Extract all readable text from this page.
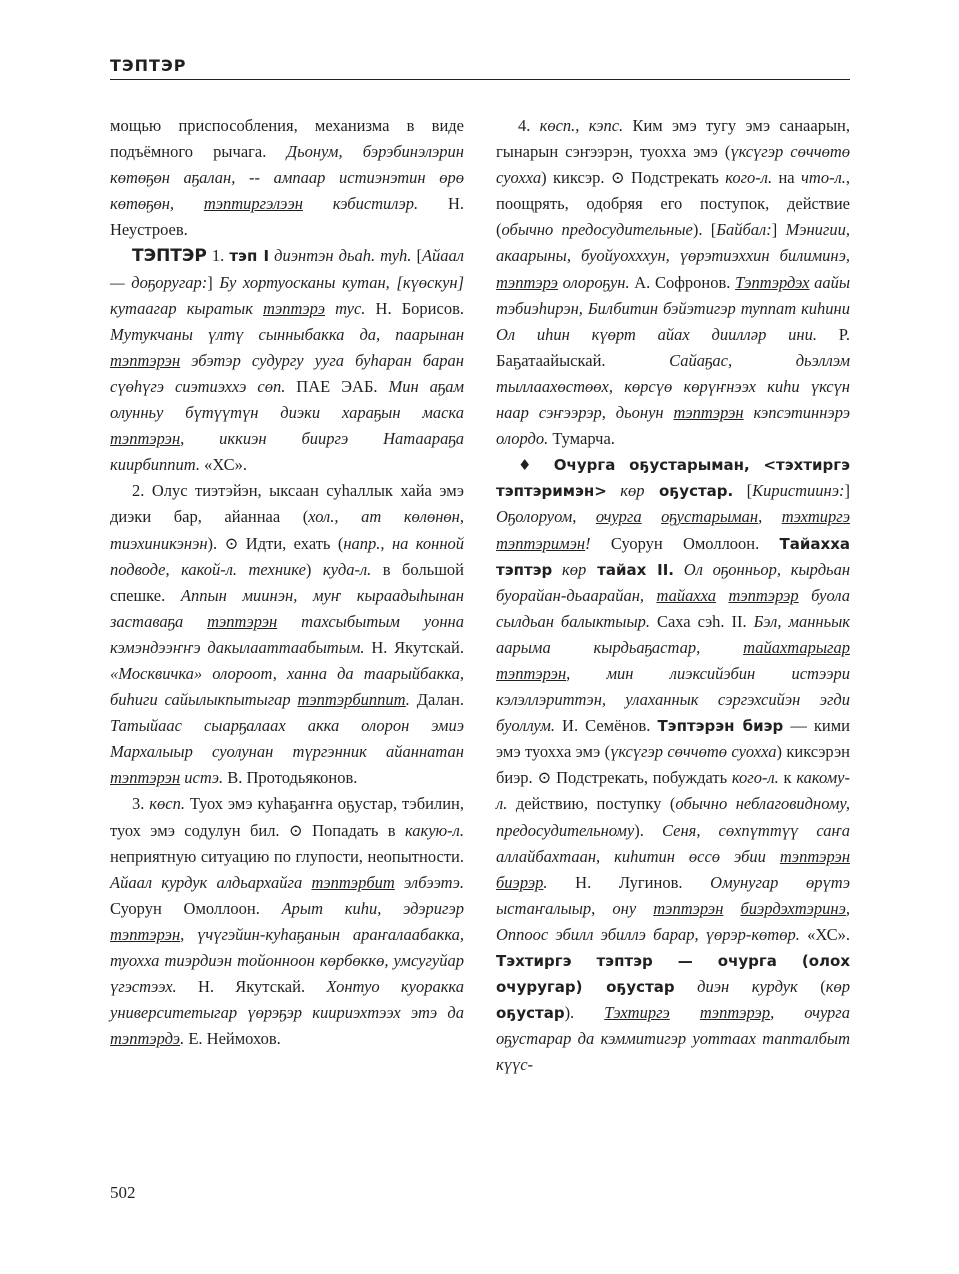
ТЭПТЭР

мощью приспособления, механизма в виде подъёмного рычага. Дьонум, бэрэбинэлэрин көтөҕөн аҕалан, -- ампаар истиэнэтин өрө көтөҕөн, тэптиргэлээн кэбистилэр. Н. Неустроев.

ТЭПТЭР 1. тэп I диэнтэн дьаһ. туһ. [Айаал — доҕоругар:] Бу хортуосканы кутан, [күөскун] кутаагар кыратык тэптэрэ тус. Н. Борисов. Мутукчаны үлтү сынныбакка да, паарынан тэптэрэн эбэтэр судургу ууга буһаран баран сүөһүгэ сиэтиэххэ сөп. ПАЕ ЭАБ. Мин аҕам олунньу бүтүүтүн диэки хараҕын маска тэптэрэн, иккиэн бииргэ Натаараҕа киирбиппит. «ХС».

2. Олус тиэтэйэн, ыксаан суһаллык хайа эмэ диэки бар, айаннаа (хол., ат көлөнөн, тиэхиникэнэн). ⊙ Идти, ехать (напр., на конной подводе, какой-л. технике) куда-л. в большой спешке. Аппын миинэн, муҥ кыраадыһынан заставаҕа тэптэрэн тахсыбытым уонна кэмэндээҥҥэ дакылааттаабытым. Н. Якутскай. «Москвичка» олороот, ханна да таарыйбакка, биһиги сайылыкпытыгар тэптэрбиппит. Далан. Татыйаас сыарҕалаах акка олорон эмиэ Мархалыыр суолунан түргэнник айаннатан тэптэрэн истэ. В. Протодьяконов.

3. көсп. Туох эмэ куһаҕаҥҥа оҕустар, тэбилин, туох эмэ содулун бил. ⊙ Попадать в какую-л. неприятную ситуацию по глупости, неопытности. Айаал курдук алдьархайга тэптэрбит элбээтэ. Суорун Омоллоон. Арыт киһи, эдэригэр тэптэрэн, үчүгэйин-куһаҕанын араҥалаабакка, туохха тиэрдиэн тойонноон көрбөккө, умсугуйар үгэстээх. Н. Якутскай. Хонтуо куоракка университетыгар үөрэҕэр киириэхтээх этэ да тэптэрдэ. Е. Неймохов.

4. көсп., кэпс. Ким эмэ тугу эмэ санаарын, гынарын сэҥээрэн, туохха эмэ (үксүгэр сөччөтө суохха) киксэр. ⊙ Подстрекать кого-л. на что-л., поощрять, одобряя его поступок, действие (обычно предосудительные). [Байбал:] Мэнигии, акаарыны, буойуохххун, үөрэтиэххин билиминэ, тэптэрэ олороҕун. А. Софронов. Тэптэрдэх аайы тэбиэһирэн, Билбитин бэйэтигэр туппат киһини Ол иһин күөрт айах диилләр ини. Р. Баҕатаайыскай. Сайаҕас, дьэллэм тыллаахөстөөх, көрсүө көрүҥнээх киһи үксүн наар сэҥээрэр, дьонун тэптэрэн кэпсэтиннэрэ олордо. Тумарча.

♦ Очурга оҕустарыман, <тэхтиргэ тэптэримэн> көр оҕустар. [Киристиинэ:] Оҕолоруом, очурга оҕустарыман, тэхтиргэ тэптэримэн! Суорун Омоллоон. Тайахха тэптэр көр тайах II. Ол оҕонньор, кырдьан буорайан-дьаарайан, тайахха тэптэрэр буола сылдьан балыктыыр. Саха сэһ. II. Бэл, манньык аарыма кырдьаҕастар, тайахтарыгар тэптэрэн, мин лиэксийэбин истээри кэлэллэриттэн, улаханнык сэргэхсийэн эгди буоллум. И. Семёнов. Тэптэрэн биэр — кими эмэ туохха эмэ (үксүгэр сөччөтө суохха) киксэрэн биэр. ⊙ Подстрекать, побуждать кого-л. к какому-л. действию, поступку (обычно неблаговидному, предосудительному). Сеня, сөхпүттүү саҥа аллайбахтаан, киһитин өссө эбии тэптэрэн биэрэр. Н. Лугинов. Омунугар өрүтэ ыстаҥалыыр, ону тэптэрэн биэрдэхтэринэ, Оппоос эбилл эбиллэ барар, үөрэр-көтөр. «ХС». Тэхтиргэ тэптэр — очурга (олох очуругар) оҕустар диэн курдук (көр оҕустар). Тэхтиргэ тэптэрэр, очурга оҕустарар да кэммитигэр уоттаах тапталбыт күүс-

502
